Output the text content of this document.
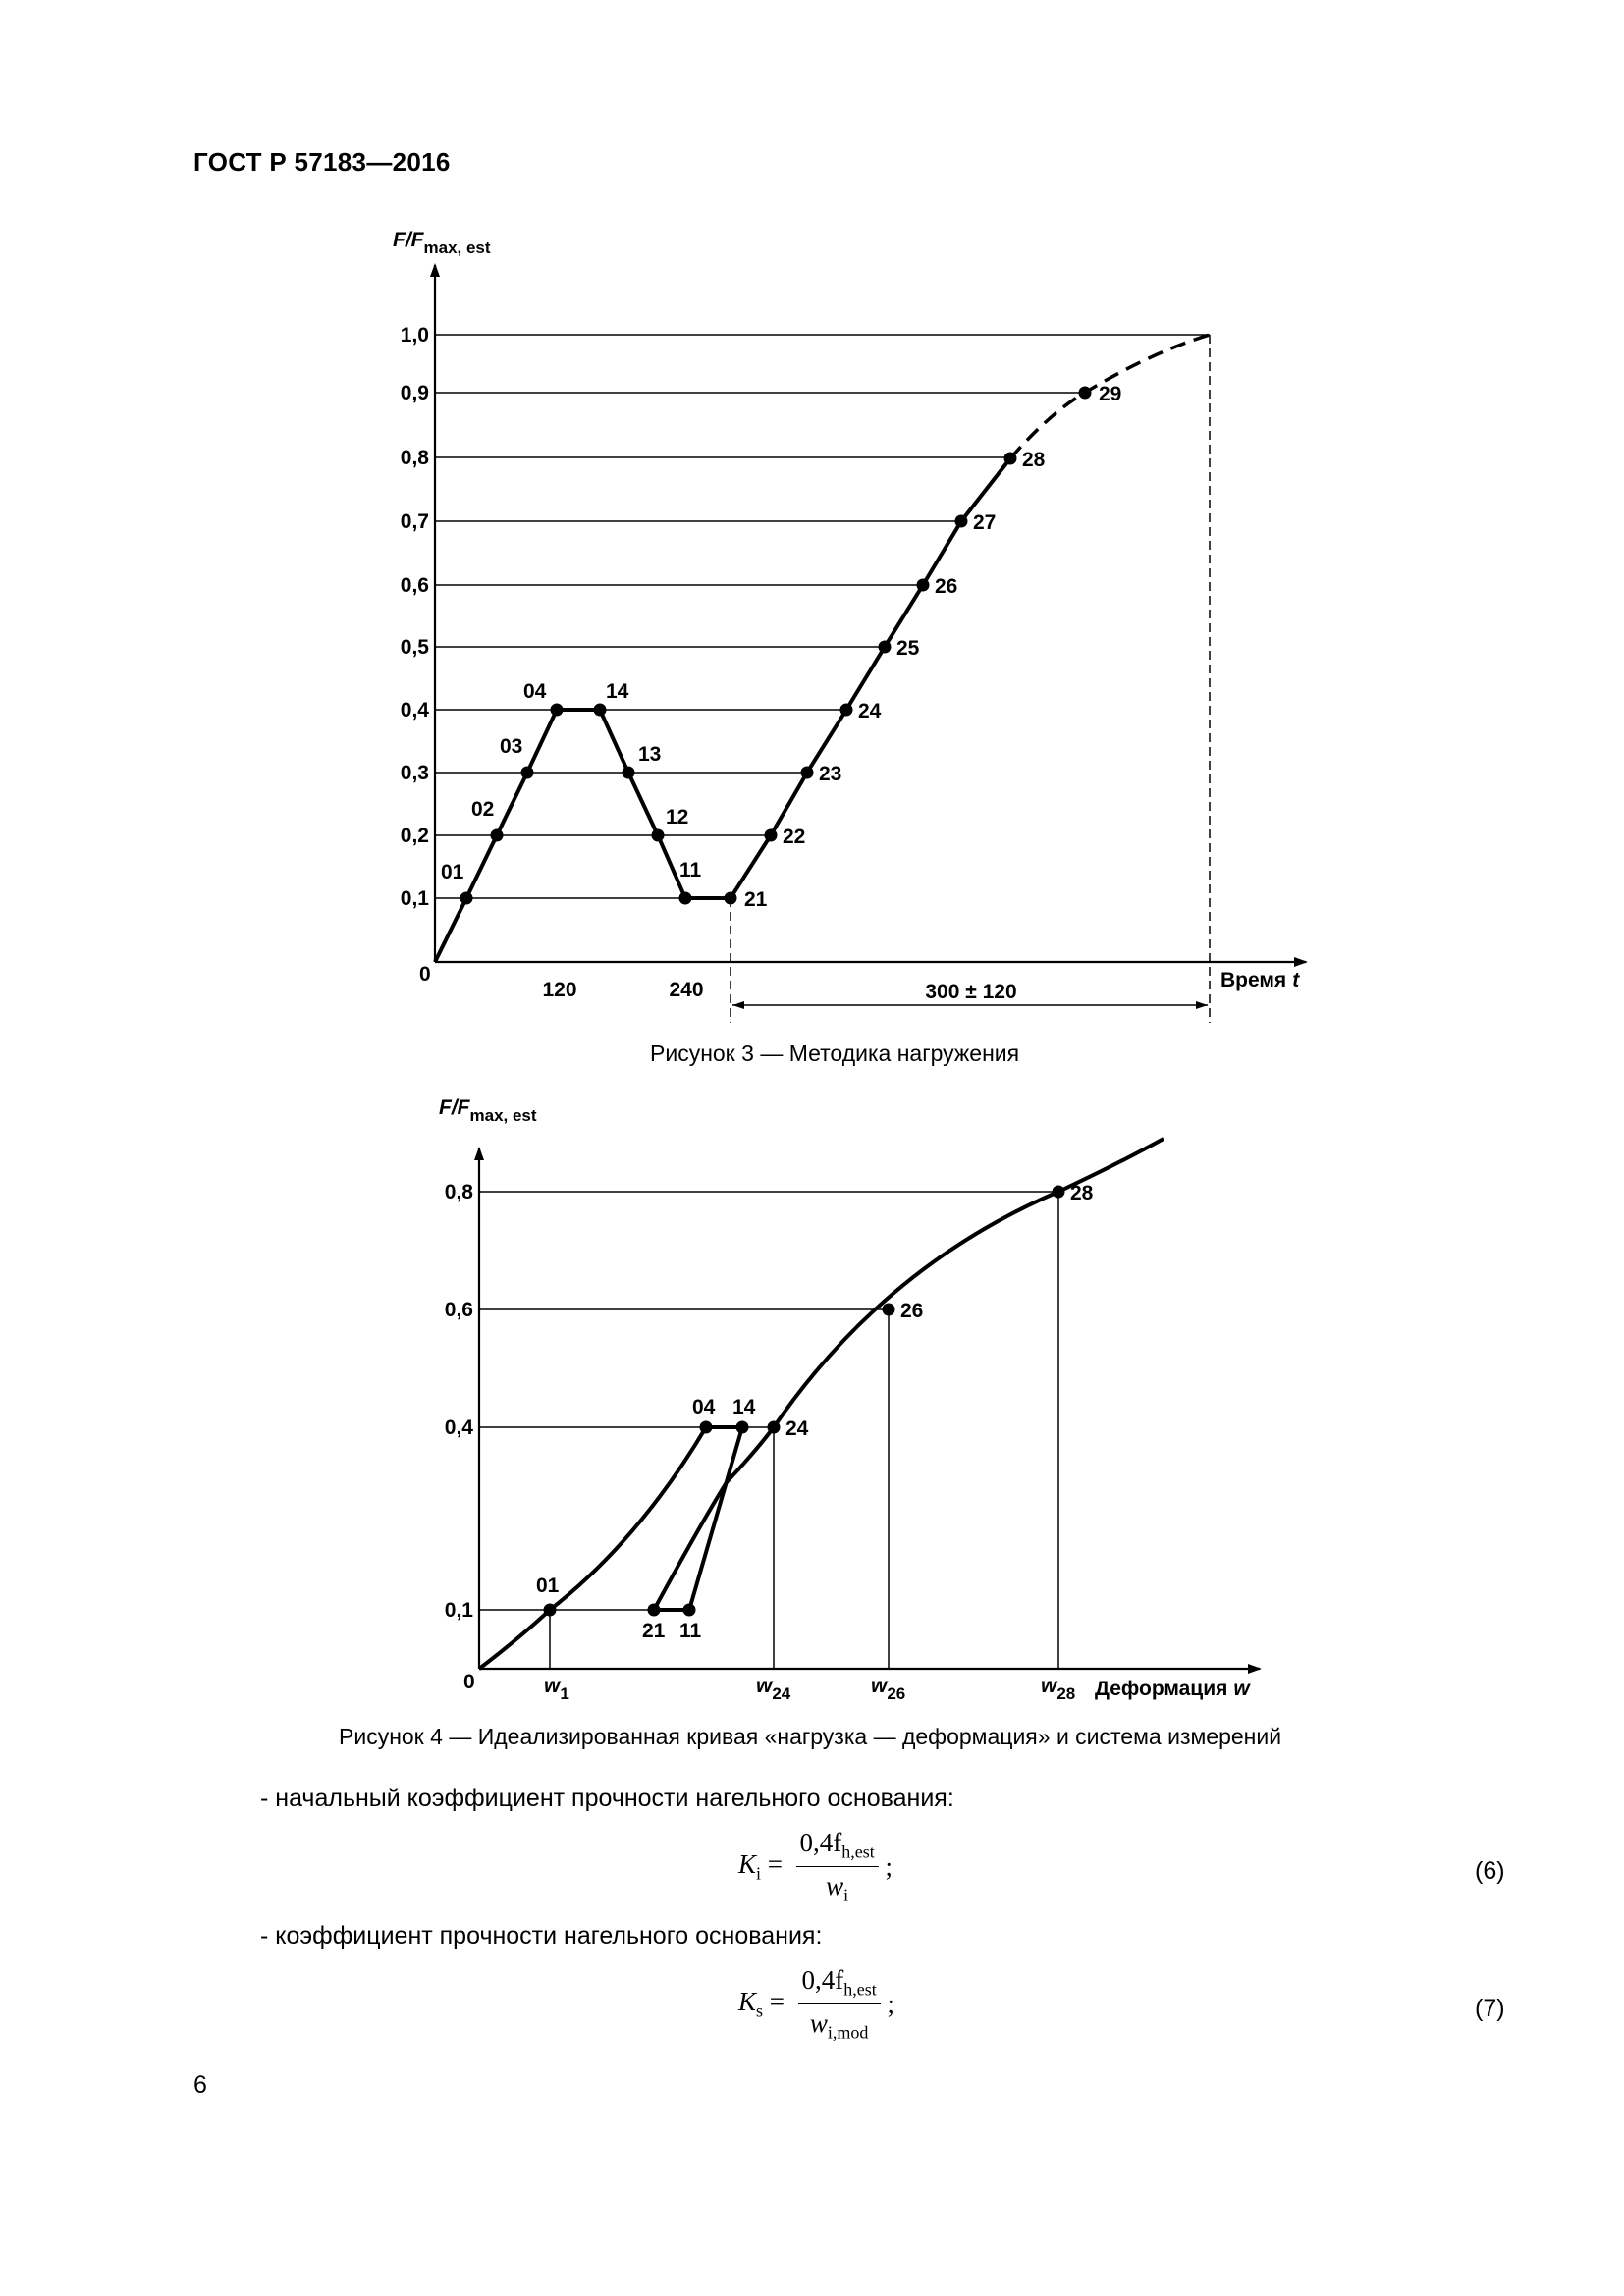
ГОСТ Р 57183—2016
$F/F_{max, est}$
0
1,0
0,9
0,8
0,7
0,6
0,5
0,4
0,3
0,2
0,1
120	240	Время t
300 ± 120
01
02
03
04	14
13
12
11
21
22
23
24
25
26
27
28
29
Рисунок 3 — Методика нагружения
$F/F_{max, est}$
0
0,8
0,6
0,4
0,1
01
04 14
24
21 11
26
28
$w_1$	$w_{24}$	$w_{26}$	$w_{28}$ Деформация w
Рисунок 4 — Идеализированная кривая «нагрузка — деформация» и система измерений
- начальный коэффициент прочности нагельного основания:
$K_i = \frac{0,4f_{h,est}}{w_i}$ ;	(6)
- коэффициент прочности нагельного основания:
$K_s = \frac{0,4f_{h,est}}{w_{i,mod}}$ ;	(7)
6
